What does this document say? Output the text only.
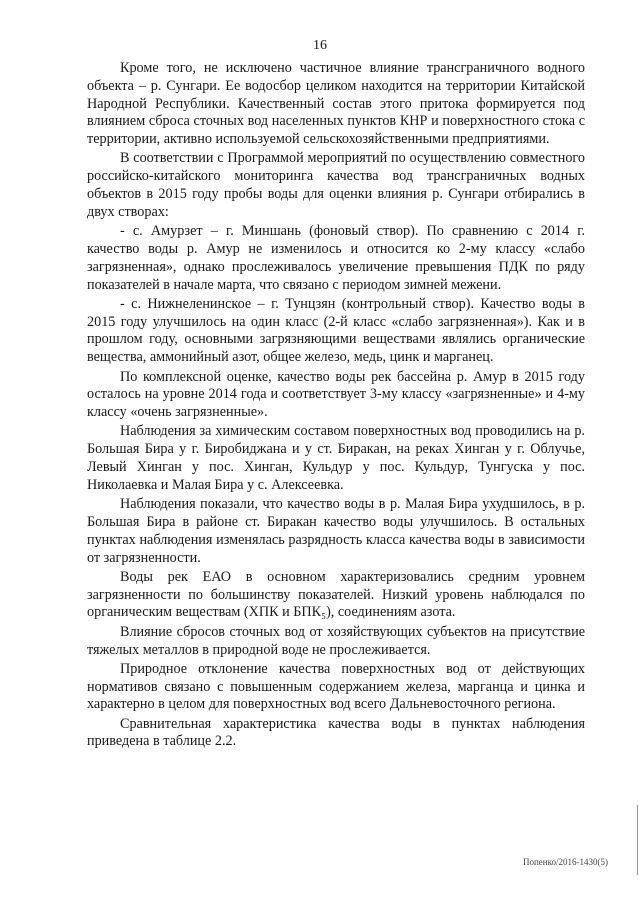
16

Кроме того, не исключено частичное влияние трансграничного водного объекта – р. Сунгари. Ее водосбор целиком находится на территории Китайской Народной Республики. Качественный состав этого притока формируется под влиянием сброса сточных вод населенных пунктов КНР и поверхностного стока с территории, активно используемой сельскохозяйственными предприятиями.

В соответствии с Программой мероприятий по осуществлению совместного российско-китайского мониторинга качества вод трансграничных водных объектов в 2015 году пробы воды для оценки влияния р. Сунгари отбирались в двух створах:

- с. Амурзет – г. Миншань (фоновый створ). По сравнению с 2014 г. качество воды р. Амур не изменилось и относится ко 2-му классу «слабо загрязненная», однако прослеживалось увеличение превышения ПДК по ряду показателей в начале марта, что связано с периодом зимней межени.

- с. Нижнеленинское – г. Тунцзян (контрольный створ). Качество воды в 2015 году улучшилось на один класс (2-й класс «слабо загрязненная»). Как и в прошлом году, основными загрязняющими веществами являлись органические вещества, аммонийный азот, общее железо, медь, цинк и марганец.

По комплексной оценке, качество воды рек бассейна р. Амур в 2015 году осталось на уровне 2014 года и соответствует 3-му классу «загрязненные» и 4-му классу «очень загрязненные».

Наблюдения за химическим составом поверхностных вод проводились на р. Большая Бира у г. Биробиджана и у ст. Биракан, на реках Хинган у г. Облучье, Левый Хинган у пос. Хинган, Кульдур у пос. Кульдур, Тунгуска у пос. Николаевка и Малая Бира у с. Алексеевка.

Наблюдения показали, что качество воды в р. Малая Бира ухудшилось, в р. Большая Бира в районе ст. Биракан качество воды улучшилось. В остальных пунктах наблюдения изменялась разрядность класса качества воды в зависимости от загрязненности.

Воды рек ЕАО в основном характеризовались средним уровнем загрязненности по большинству показателей. Низкий уровень наблюдался по органическим веществам (ХПК и БПК₅), соединениям азота.

Влияние сбросов сточных вод от хозяйствующих субъектов на присутствие тяжелых металлов в природной воде не прослеживается.

Природное отклонение качества поверхностных вод от действующих нормативов связано с повышенным содержанием железа, марганца и цинка и характерно в целом для поверхностных вод всего Дальневосточного региона.

Сравнительная характеристика качества воды в пунктах наблюдения приведена в таблице 2.2.

Попенко/2016-1430(5)
